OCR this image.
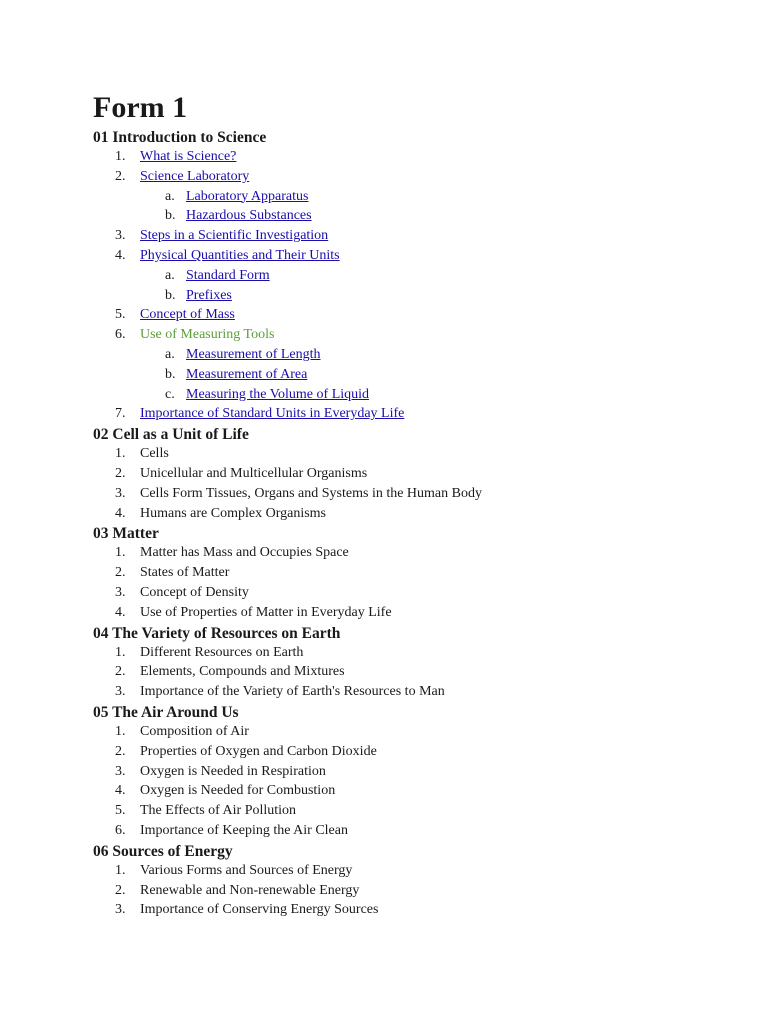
Form 1
01 Introduction to Science
1.	What is Science?
2.	Science Laboratory
a. Laboratory Apparatus
b. Hazardous Substances
3.	Steps in a Scientific Investigation
4.	Physical Quantities and Their Units
a. Standard Form
b. Prefixes
5.	Concept of Mass
6.	Use of Measuring Tools
a. Measurement of Length
b. Measurement of Area
c. Measuring the Volume of Liquid
7.	Importance of Standard Units in Everyday Life
02 Cell as a Unit of Life
1.	Cells
2.	Unicellular and Multicellular Organisms
3.	Cells Form Tissues, Organs and Systems in the Human Body
4.	Humans are Complex Organisms
03 Matter
1.	Matter has Mass and Occupies Space
2.	States of Matter
3.	Concept of Density
4.	Use of Properties of Matter in Everyday Life
04 The Variety of Resources on Earth
1.	Different Resources on Earth
2.	Elements, Compounds and Mixtures
3.	Importance of the Variety of Earth's Resources to Man
05 The Air Around Us
1.	Composition of Air
2.	Properties of Oxygen and Carbon Dioxide
3.	Oxygen is Needed in Respiration
4.	Oxygen is Needed for Combustion
5.	The Effects of Air Pollution
6.	Importance of Keeping the Air Clean
06 Sources of Energy
1.	Various Forms and Sources of Energy
2.	Renewable and Non-renewable Energy
3.	Importance of Conserving Energy Sources
